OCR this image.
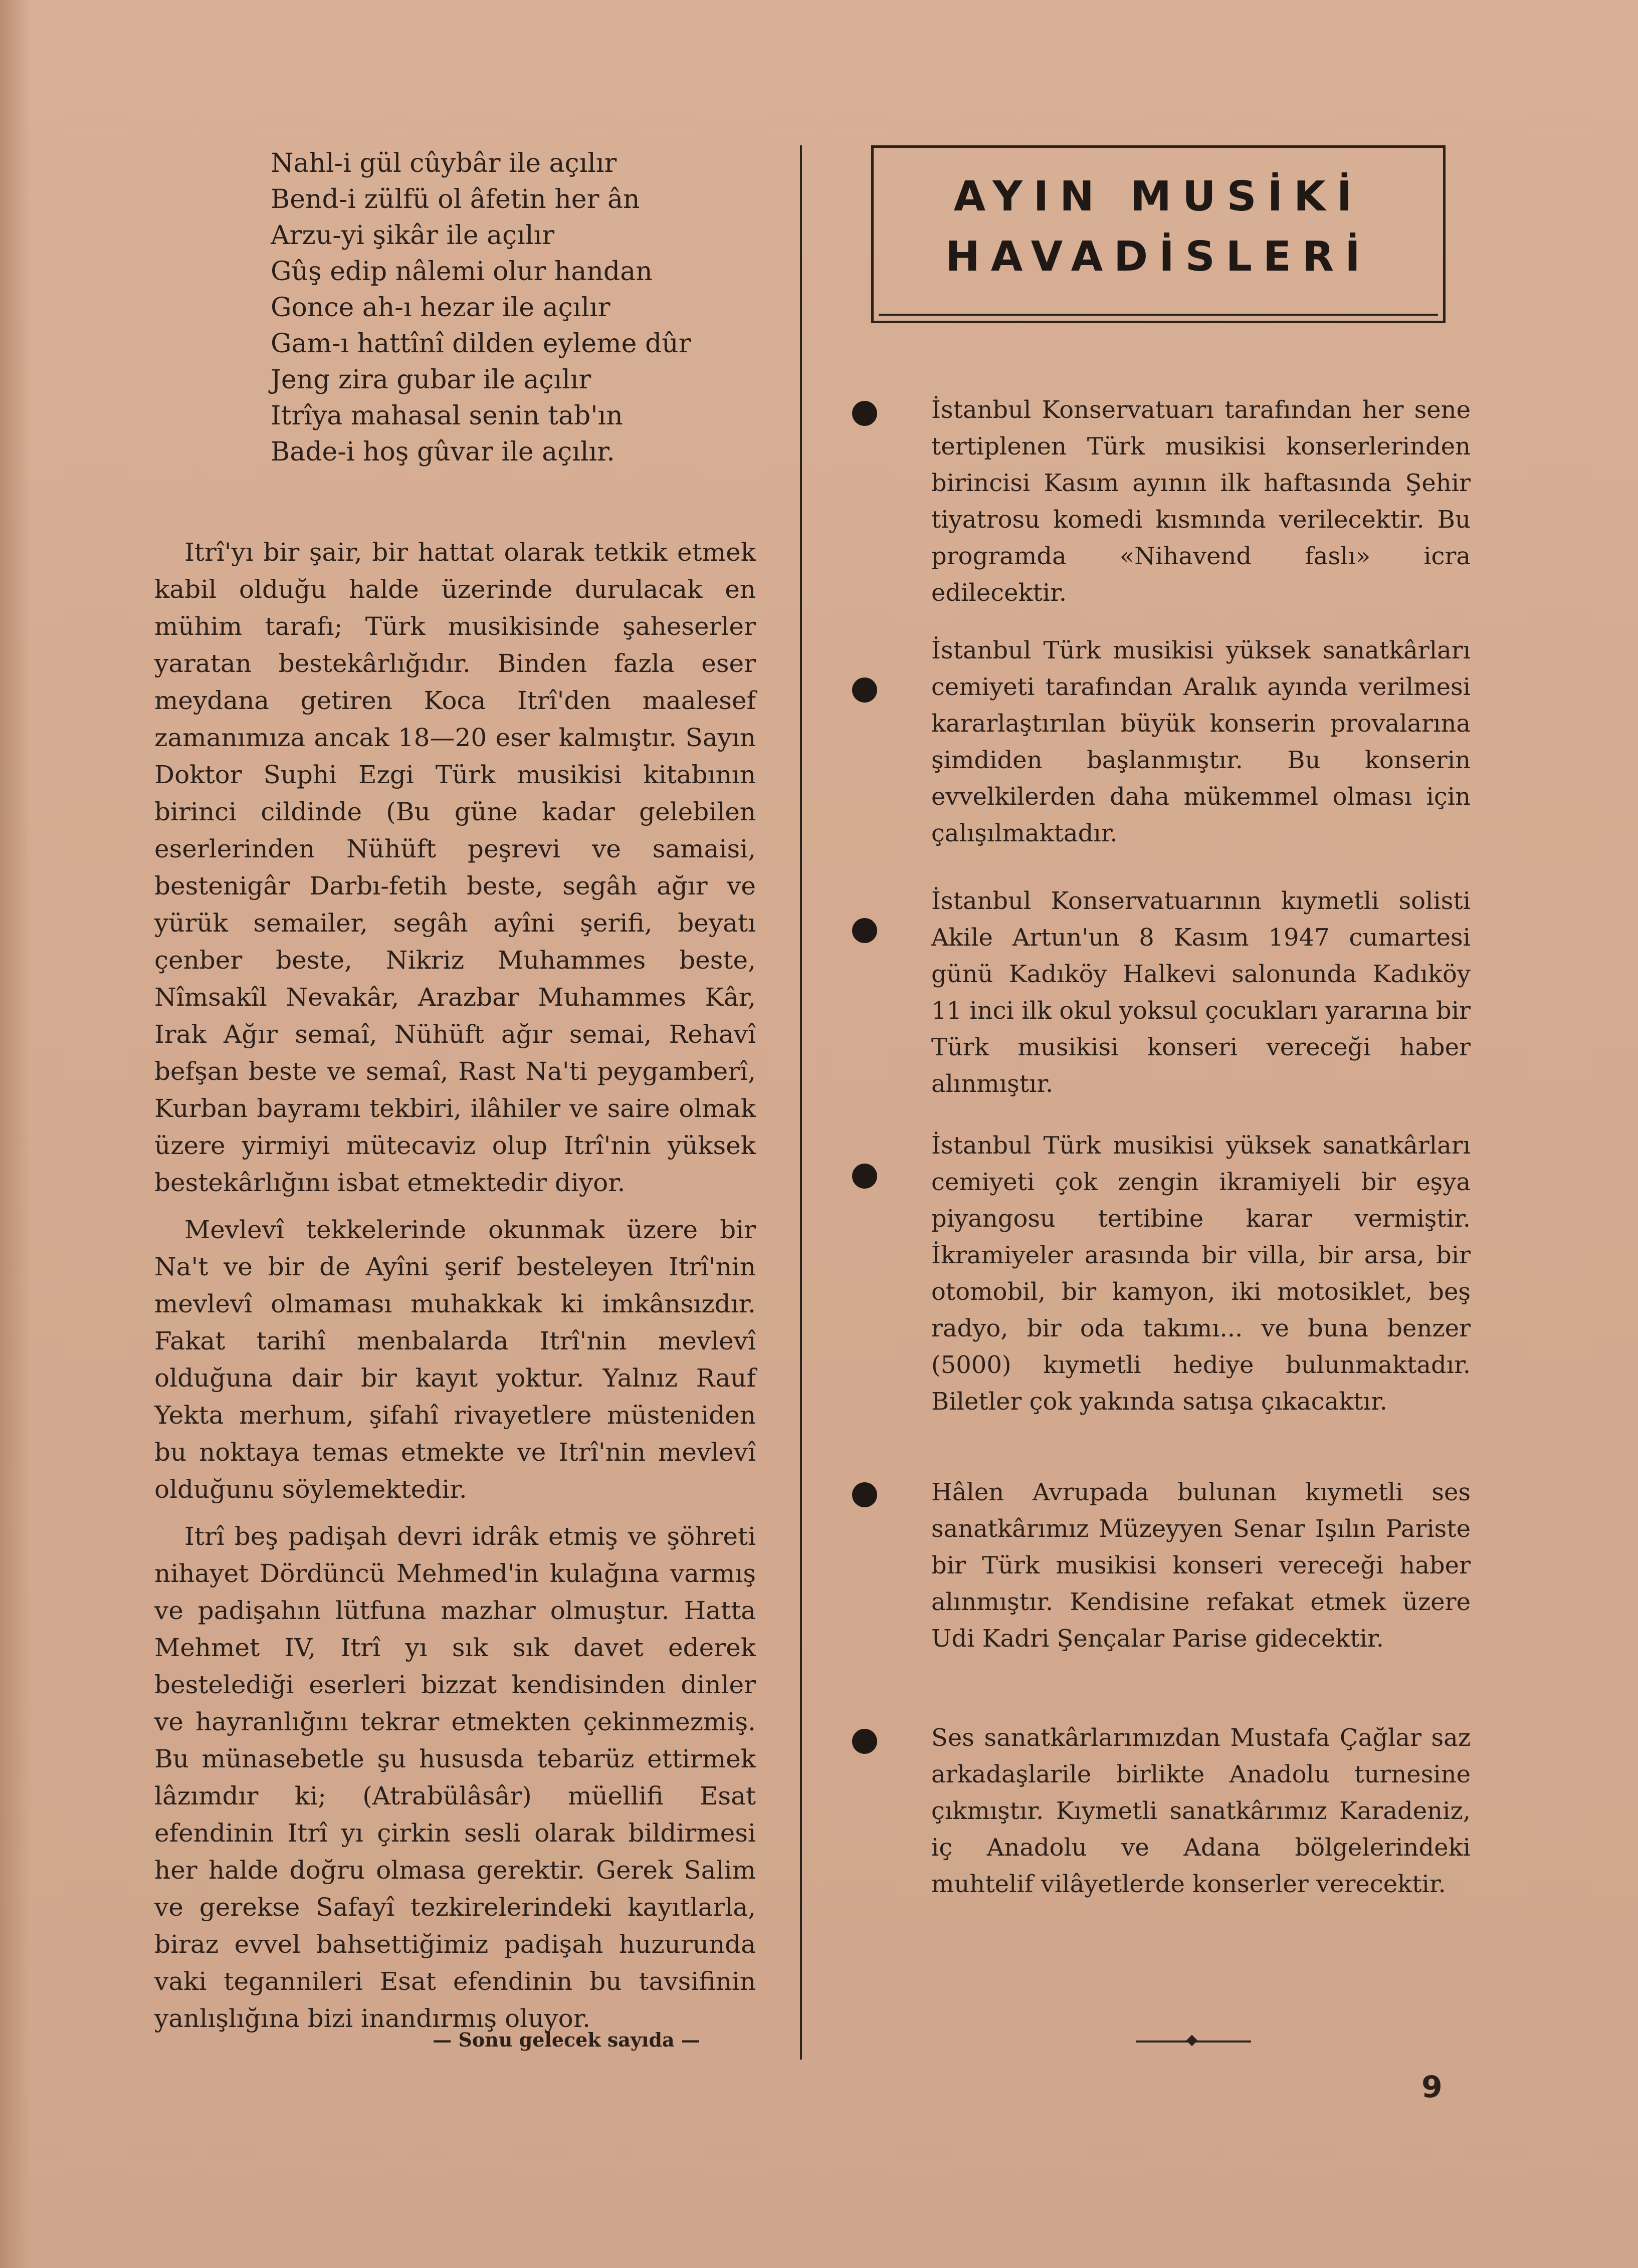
Nahl-i gül cûybâr ile açılır
Bend-i zülfü ol âfetin her ân
Arzu-yi şikâr ile açılır
Gûş edip nâlemi olur handan
Gonce ah-ı hezar ile açılır
Gam-ı hattînî dilden eyleme dûr
Jeng zira gubar ile açılır
Itrîya mahasal senin tab'ın
Bade-i hoş gûvar ile açılır.

Itrî'yı bir şair, bir hattat olarak tetkik etmek kabil olduğu halde üzerinde durulacak en mühim tarafı; Türk musikisinde şaheserler yaratan bestekârlığıdır. Binden fazla eser meydana getiren Koca Itrî'den maalesef zamanımıza ancak 18—20 eser kalmıştır. Sayın Doktor Suphi Ezgi Türk musikisi kitabının birinci cildinde (Bu güne kadar gelebilen eserlerinden Nühüft peşrevi ve samaisi, bestenigâr Darbı-fetih beste, segâh ağır ve yürük semailer, segâh ayîni şerifi, beyatı çenber beste, Nikriz Muhammes beste, Nîmsakîl Nevakâr, Arazbar Muhammes Kâr, Irak Ağır semaî, Nühüft ağır semai, Rehavî befşan beste ve semaî, Rast Na'ti peygamberî, Kurban bayramı tekbiri, ilâhiler ve saire olmak üzere yirmiyi mütecaviz olup Itrî'nin yüksek bestekârlığını isbat etmektedir diyor.

Mevlevî tekkelerinde okunmak üzere bir Na't ve bir de Ayîni şerif besteleyen Itrî'nin mevlevî olmaması muhakkak ki imkânsızdır. Fakat tarihî menbalarda Itrî'nin mevlevî olduğuna dair bir kayıt yoktur. Yalnız Rauf Yekta merhum, şifahî rivayetlere müsteniden bu noktaya temas etmekte ve Itrî'nin mevlevî olduğunu söylemektedir.

Itrî beş padişah devri idrâk etmiş ve şöhreti nihayet Dördüncü Mehmed'in kulağına varmış ve padişahın lütfuna mazhar olmuştur. Hatta Mehmet IV, Itrî yı sık sık davet ederek bestelediği eserleri bizzat kendisinden dinler ve hayranlığını tekrar etmekten çekinmezmiş. Bu münasebetle şu hususda tebarüz ettirmek lâzımdır ki; (Atrabülâsâr) müellifi Esat efendinin Itrî yı çirkin sesli olarak bildirmesi her halde doğru olmasa gerektir. Gerek Salim ve gerekse Safayî tezkirelerindeki kayıtlarla, biraz evvel bahsettiğimiz padişah huzurunda vaki tegannileri Esat efendinin bu tavsifinin yanlışlığına bizi inandırmış oluyor.

— Sonu gelecek sayıda —
AYIN MUSİKİ
HAVADİSLERİ
İstanbul Konservatuarı tarafından her sene tertiplenen Türk musikisi konserlerinden birincisi Kasım ayının ilk haftasında Şehir tiyatrosu komedi kısmında verilecektir. Bu programda «Nihavend faslı» icra edilecektir.
İstanbul Türk musikisi yüksek sanatkârları cemiyeti tarafından Aralık ayında verilmesi kararlaştırılan büyük konserin provalarına şimdiden başlanmıştır. Bu konserin evvelkilerden daha mükemmel olması için çalışılmaktadır.
İstanbul Konservatuarının kıymetli solisti Akile Artun'un 8 Kasım 1947 cumartesi günü Kadıköy Halkevi salonunda Kadıköy 11 inci ilk okul yoksul çocukları yararına bir Türk musikisi konseri vereceği haber alınmıştır.
İstanbul Türk musikisi yüksek sanatkârları cemiyeti çok zengin ikramiyeli bir eşya piyangosu tertibine karar vermiştir. İkramiyeler arasında bir villa, bir arsa, bir otomobil, bir kamyon, iki motosiklet, beş radyo, bir oda takımı... ve buna benzer (5000) kıymetli hediye bulunmaktadır. Biletler çok yakında satışa çıkacaktır.
Hâlen Avrupada bulunan kıymetli ses sanatkârımız Müzeyyen Senar Işılın Pariste bir Türk musikisi konseri vereceği haber alınmıştır. Kendisine refakat etmek üzere Udi Kadri Şençalar Parise gidecektir.
Ses sanatkârlarımızdan Mustafa Çağlar saz arkadaşlarile birlikte Anadolu turnesine çıkmıştır. Kıymetli sanatkârımız Karadeniz, iç Anadolu ve Adana bölgelerindeki muhtelif vilâyetlerde konserler verecektir.
9
